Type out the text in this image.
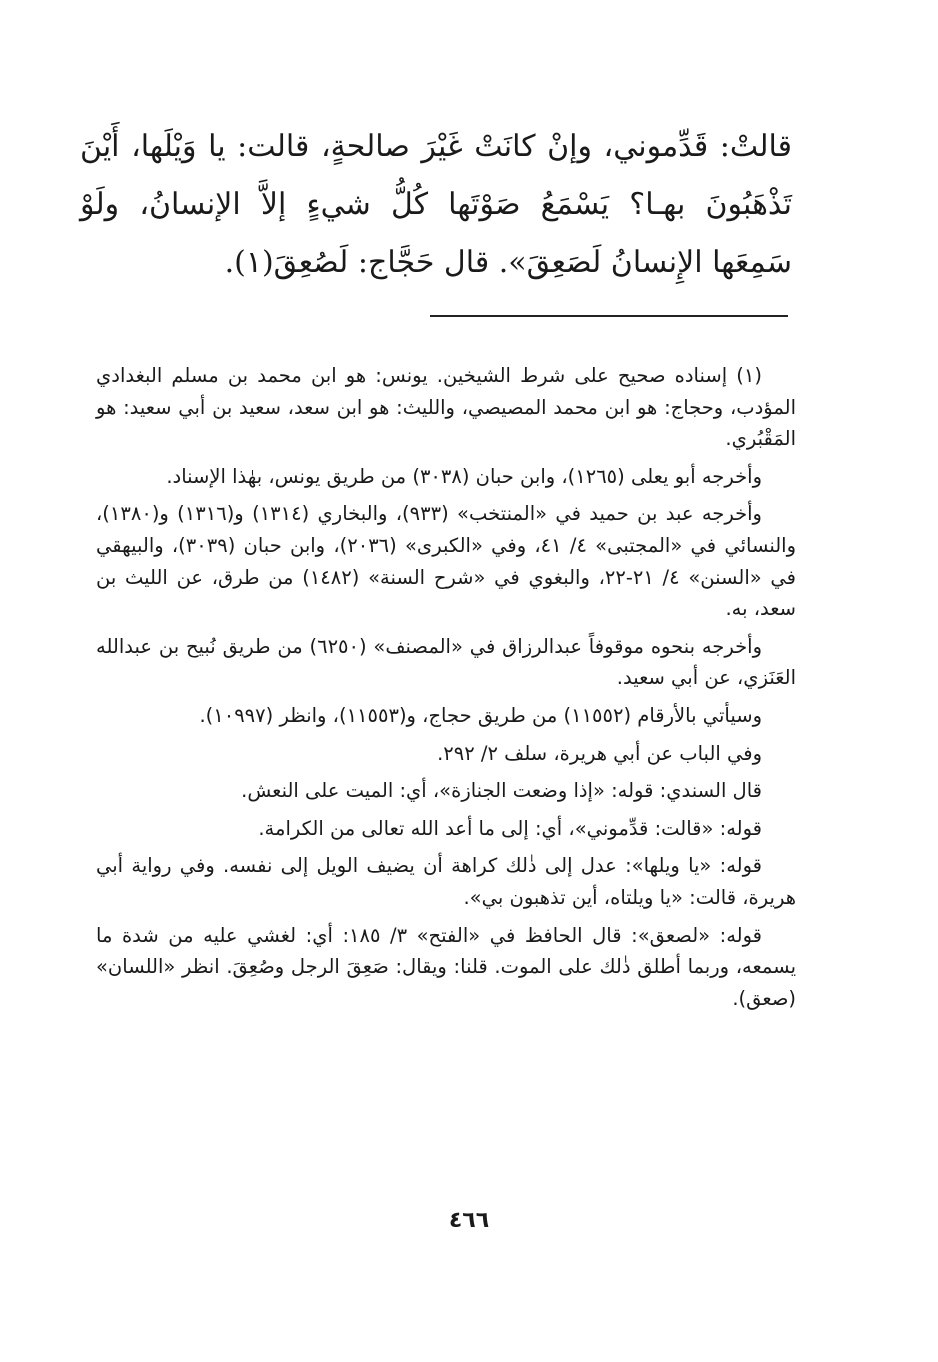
قالتْ: قَدِّموني، وإنْ كانَتْ غَيْرَ صالحةٍ، قالت: يا وَيْلَها، أَيْنَ تَذْهَبُونَ بهـا؟ يَسْمَعُ صَوْتَها كُلُّ شيءٍ إلاَّ الإنسانُ، ولَوْ سَمِعَها الإِنسانُ لَصَعِقَ». قال حَجَّاج: لَصُعِقَ(١).

(١) إسناده صحيح على شرط الشيخين. يونس: هو ابن محمد بن مسلم البغدادي المؤدب، وحجاج: هو ابن محمد المصيصي، والليث: هو ابن سعد، سعيد بن أبي سعيد: هو المَقْبُري.

وأخرجه أبو يعلى (١٢٦٥)، وابن حبان (٣٠٣٨) من طريق يونس، بهٰذا الإسناد.

وأخرجه عبد بن حميد في «المنتخب» (٩٣٣)، والبخاري (١٣١٤) و(١٣١٦) و(١٣٨٠)، والنسائي في «المجتبى» ٤/ ٤١، وفي «الكبرى» (٢٠٣٦)، وابن حبان (٣٠٣٩)، والبيهقي في «السنن» ٤/ ٢١-٢٢، والبغوي في «شرح السنة» (١٤٨٢) من طرق، عن الليث بن سعد، به.

وأخرجه بنحوه موقوفاً عبدالرزاق في «المصنف» (٦٢٥٠) من طريق نُبيح بن عبدالله العَنَزي، عن أبي سعيد.

وسيأتي بالأرقام (١١٥٥٢) من طريق حجاج، و(١١٥٥٣)، وانظر (١٠٩٩٧).

وفي الباب عن أبي هريرة، سلف ٢/ ٢٩٢.

قال السندي: قوله: «إذا وضعت الجنازة»، أي: الميت على النعش.

قوله: «قالت: قدِّموني»، أي: إلى ما أعد الله تعالى من الكرامة.

قوله: «يا ويلها»: عدل إلى ذٰلك كراهة أن يضيف الويل إلى نفسه. وفي رواية أبي هريرة، قالت: «يا ويلتاه، أين تذهبون بي».

قوله: «لصعق»: قال الحافظ في «الفتح» ٣/ ١٨٥: أي: لغشي عليه من شدة ما يسمعه، وربما أطلق ذٰلك على الموت. قلنا: ويقال: صَعِقَ الرجل وصُعِقَ. انظر «اللسان» (صعق).

٤٦٦
